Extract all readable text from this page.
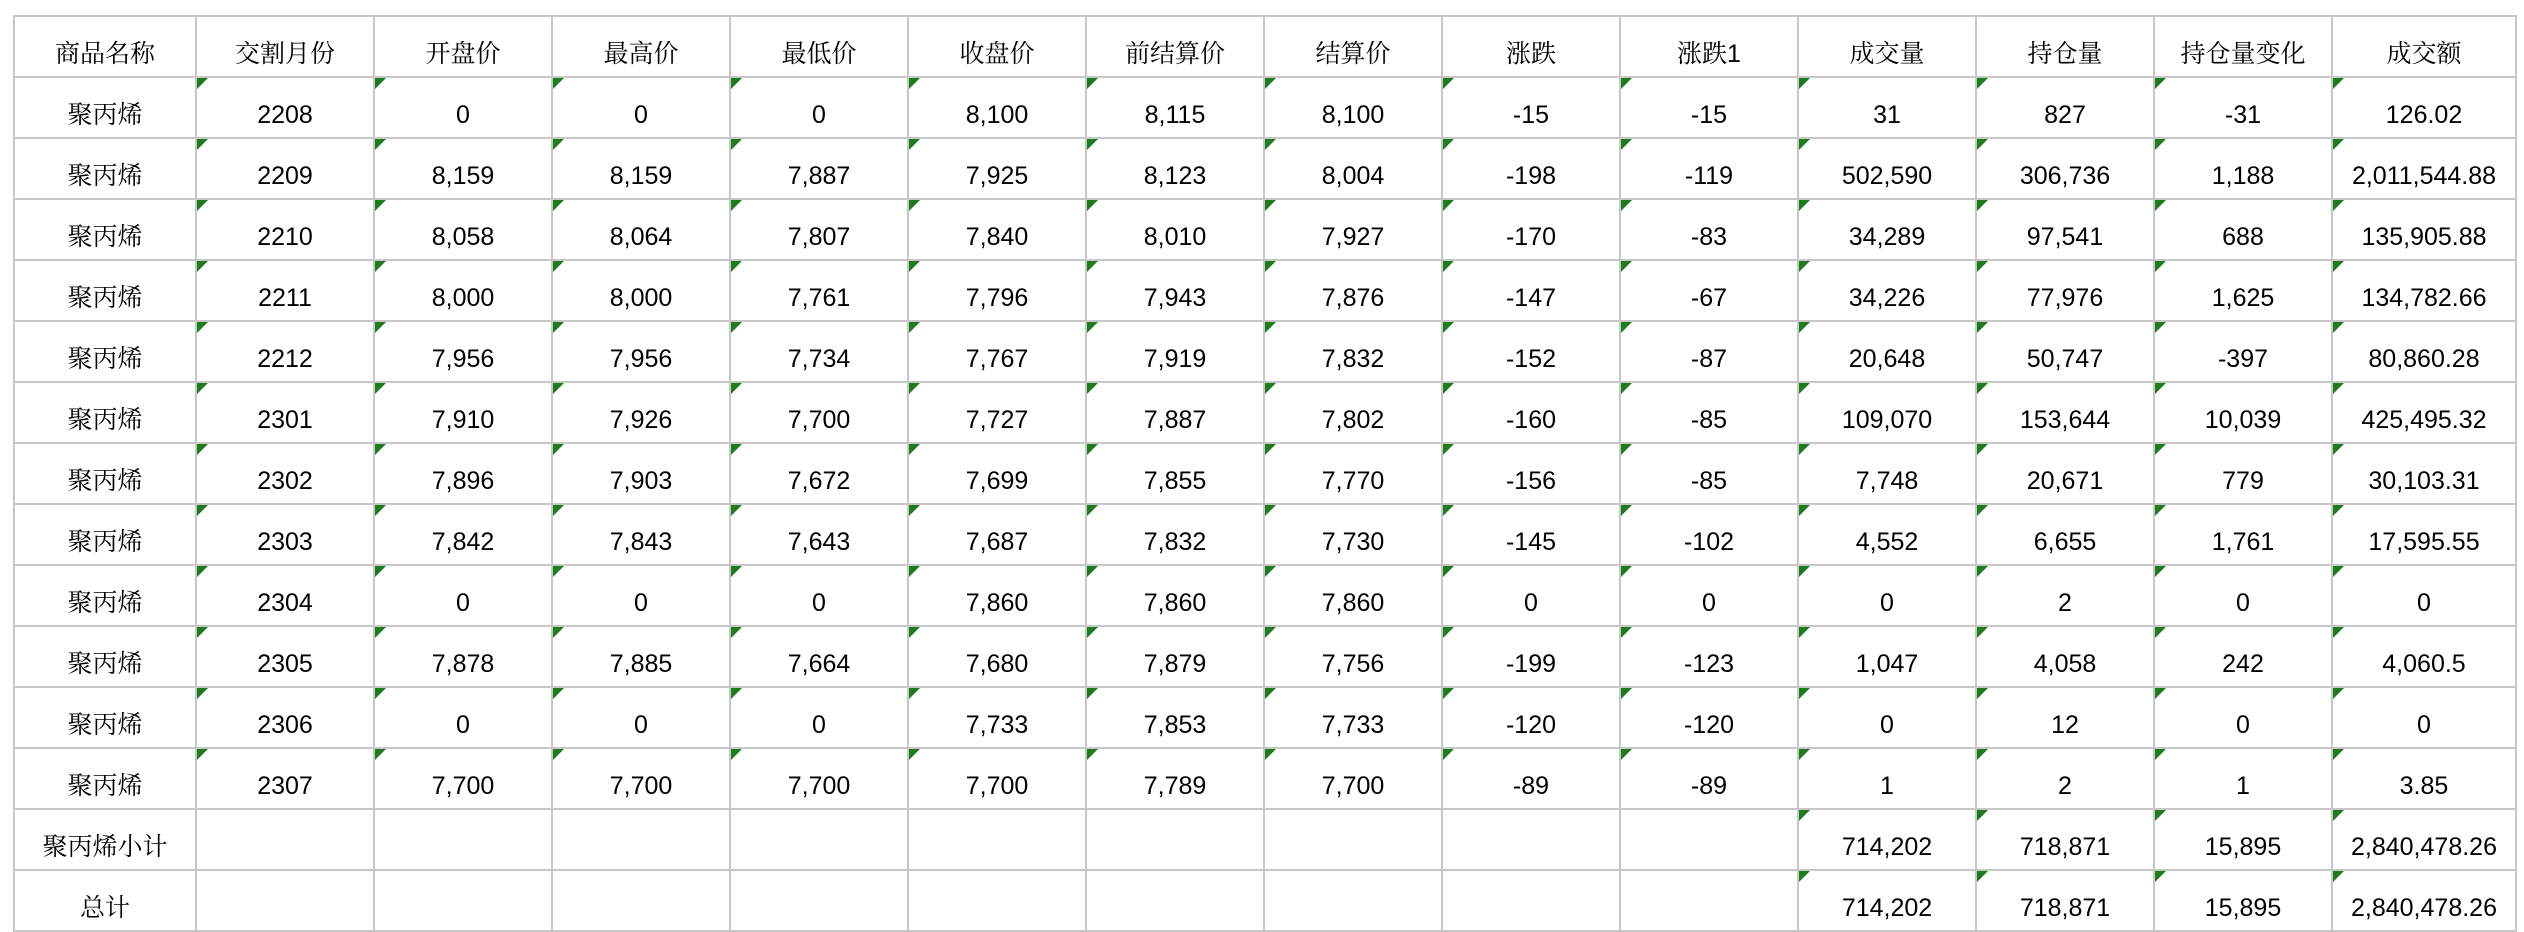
商品名称	交割月份	开盘价	最高价	最低价	收盘价	前结算价	结算价	涨跌	涨跌1	成交量	持仓量	持仓量变化	成交额
聚丙烯	2208	0	0	0	8,100	8,115	8,100	-15	-15	31	827	-31	126.02
聚丙烯	2209	8,159	8,159	7,887	7,925	8,123	8,004	-198	-119	502,590	306,736	1,188	2,011,544.88
聚丙烯	2210	8,058	8,064	7,807	7,840	8,010	7,927	-170	-83	34,289	97,541	688	135,905.88
聚丙烯	2211	8,000	8,000	7,761	7,796	7,943	7,876	-147	-67	34,226	77,976	1,625	134,782.66
聚丙烯	2212	7,956	7,956	7,734	7,767	7,919	7,832	-152	-87	20,648	50,747	-397	80,860.28
聚丙烯	2301	7,910	7,926	7,700	7,727	7,887	7,802	-160	-85	109,070	153,644	10,039	425,495.32
聚丙烯	2302	7,896	7,903	7,672	7,699	7,855	7,770	-156	-85	7,748	20,671	779	30,103.31
聚丙烯	2303	7,842	7,843	7,643	7,687	7,832	7,730	-145	-102	4,552	6,655	1,761	17,595.55
聚丙烯	2304	0	0	0	7,860	7,860	7,860	0	0	0	2	0	0
聚丙烯	2305	7,878	7,885	7,664	7,680	7,879	7,756	-199	-123	1,047	4,058	242	4,060.5
聚丙烯	2306	0	0	0	7,733	7,853	7,733	-120	-120	0	12	0	0
聚丙烯	2307	7,700	7,700	7,700	7,700	7,789	7,700	-89	-89	1	2	1	3.85
聚丙烯小计										714,202	718,871	15,895	2,840,478.26
总计										714,202	718,871	15,895	2,840,478.26
